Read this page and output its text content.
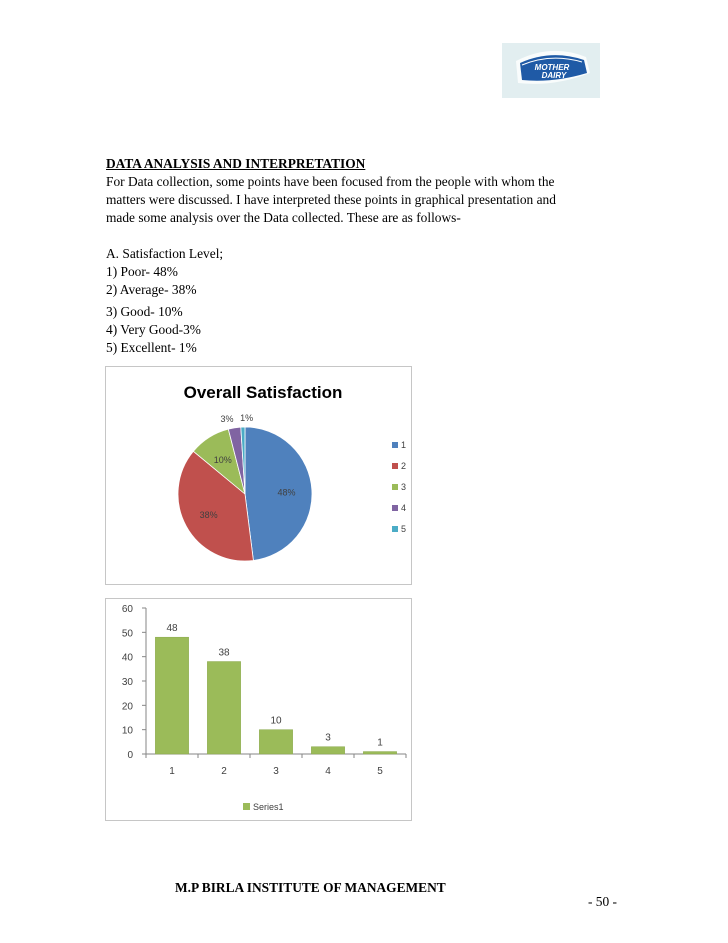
MOTHER
DAIRY

DATA ANALYSIS AND INTERPRETATION

For Data collection, some points have been focused from the people with whom the

matters were discussed. I have interpreted these points in graphical presentation and

made some analysis over the Data collected. These are as follows-

A. Satisfaction Level;

1) Poor- 48%

2) Average- 38%

3) Good- 10%

4) Very Good-3%

5) Excellent- 1%

Overall Satisfaction
48%
38%
10%
3% 1%
1
2
3
4
5
0
10
20
30
40
50
60
48
1
38
2
10
3
3
4
1
5
Series1
M.P BIRLA INSTITUTE OF MANAGEMENT
- 50 -
